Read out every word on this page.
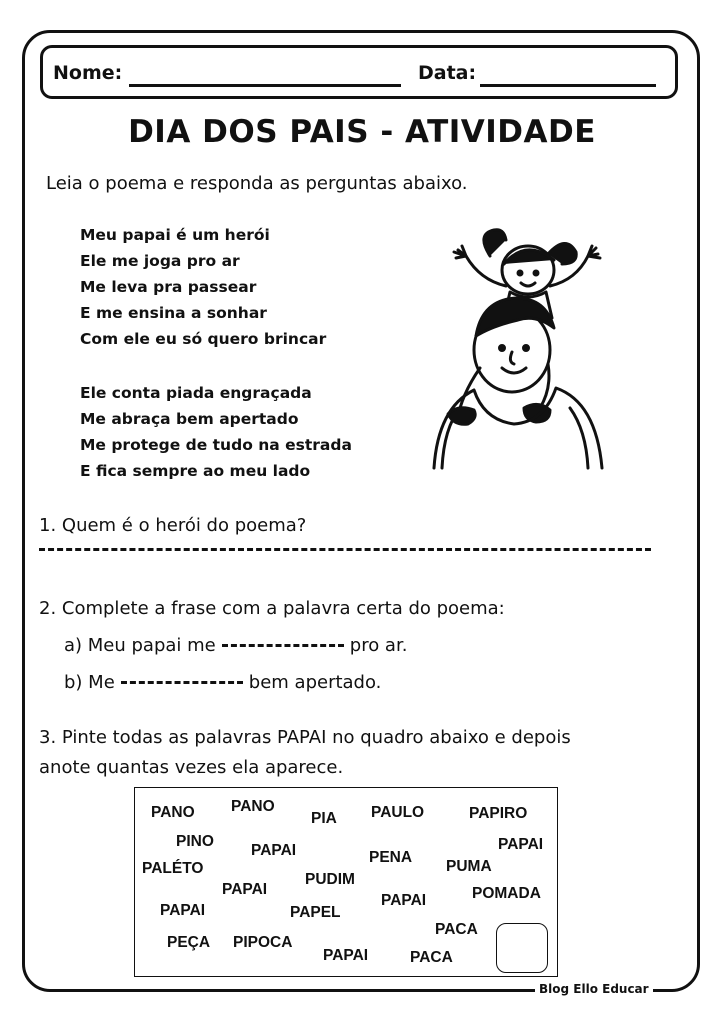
Nome:	Data:
DIA DOS PAIS - ATIVIDADE
Leia o poema e responda as perguntas abaixo.
Meu papai é um herói
Ele me joga pro ar
Me leva pra passear
E me ensina a sonhar
Com ele eu só quero brincar
Ele conta piada engraçada
Me abraça bem apertado
Me protege de tudo na estrada
E fica sempre ao meu lado
1. Quem é o herói do poema?
2. Complete a frase com a palavra certa do poema:
a) Meu papai me	pro ar.
b) Me	bem apertado.
3. Pinte todas as palavras PAPAI no quadro abaixo e depois
anote quantas vezes ela aparece.
PANO PANO
PIA PAULO	PAPIRO
PINO
PAPAI	PAPAI
PALÉTO
PENA
PUMA
PAPAI
PUDIM
PAPAI	POMADA
PAPAI	PAPEL
PACA
PEÇA PIPOCA
PAPAI	PACA
Blog Ello Educar
